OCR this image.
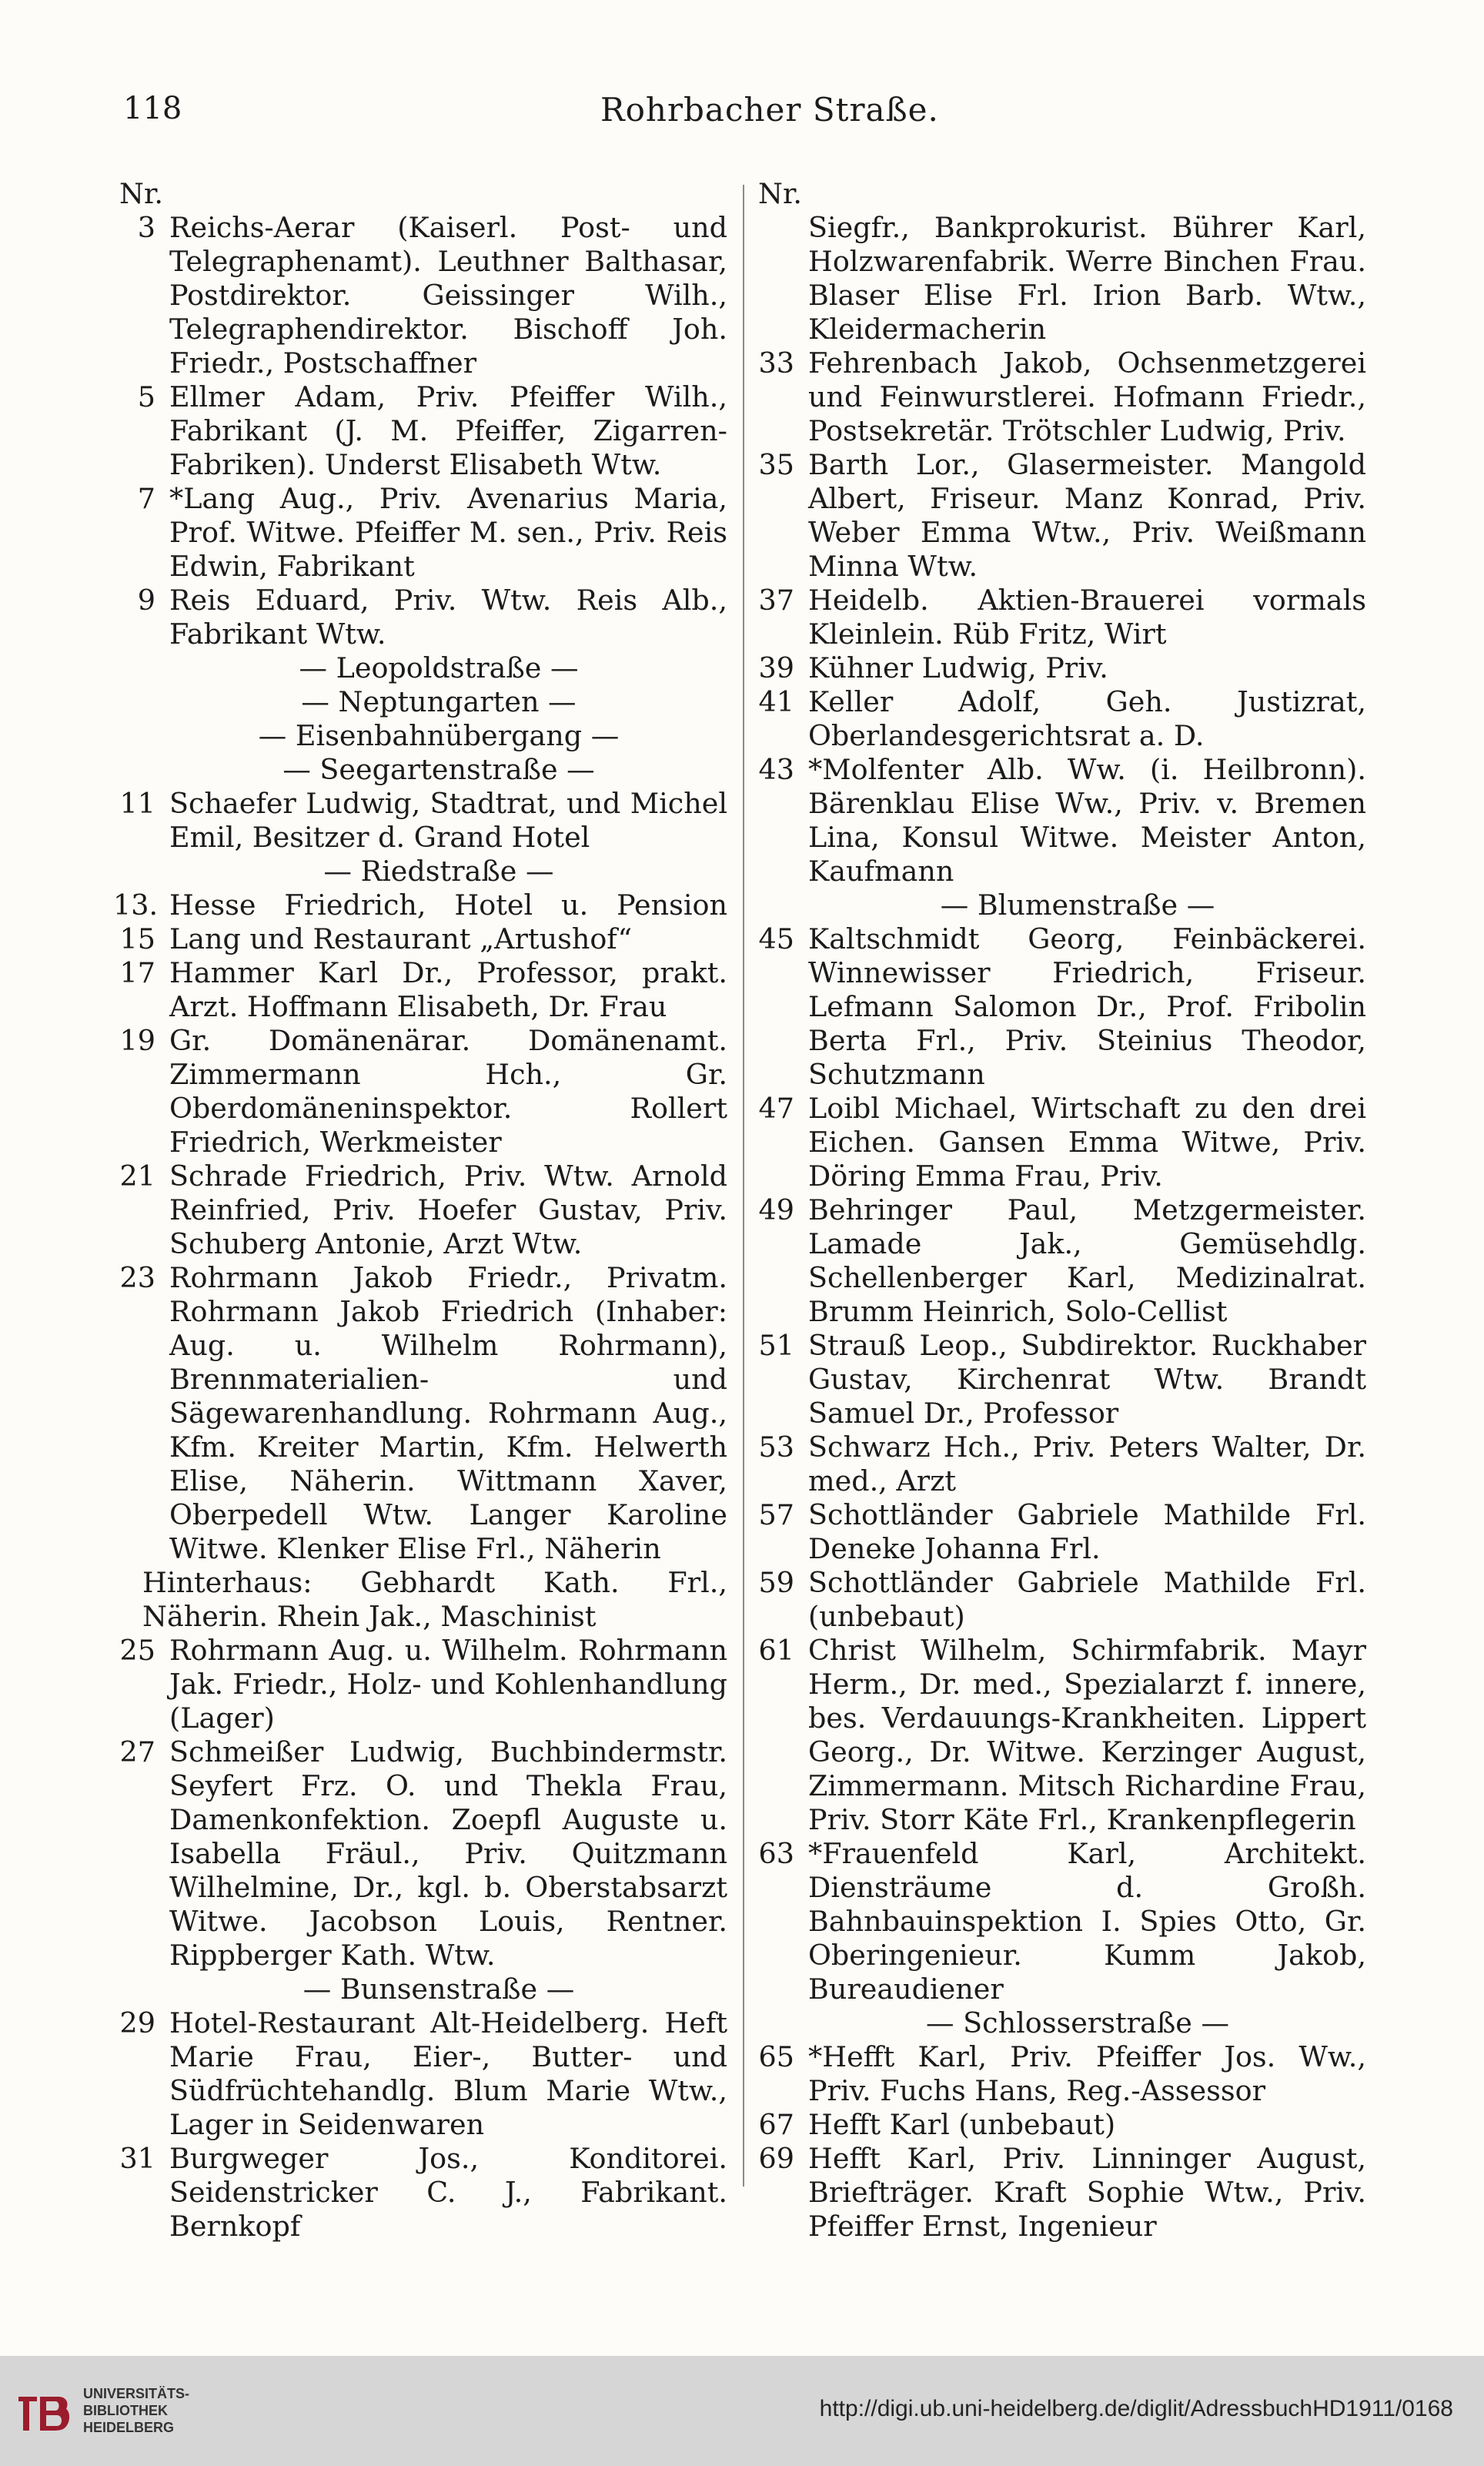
118	Rohrbacher Straße.
Nr.
3 Reichs-Aerar (Kaiserl. Post- und Telegraphenamt). Leuthner Balthasar, Postdirektor. Geissinger Wilh., Telegraphendirektor. Bischoff Joh. Friedr., Postschaffner
5 Ellmer Adam, Priv. Pfeiffer Wilh., Fabrikant (J. M. Pfeiffer, Zigarren-Fabriken). Underst Elisabeth Wtw.
7 *Lang Aug., Priv. Avenarius Maria, Prof. Witwe. Pfeiffer M. sen., Priv. Reis Edwin, Fabrikant
9 Reis Eduard, Priv. Wtw. Reis Alb., Fabrikant Wtw.
— Leopoldstraße —
— Neptungarten —
— Eisenbahnübergang —
— Seegartenstraße —
11 Schaefer Ludwig, Stadtrat, und Michel Emil, Besitzer d. Grand Hotel
— Riedstraße —
13. 15
Hesse Friedrich, Hotel u. Pension Lang und Restaurant „Artushof“
17 Hammer Karl Dr., Professor, prakt. Arzt. Hoffmann Elisabeth, Dr. Frau
19 Gr. Domänenärar. Domänenamt. Zimmermann Hch., Gr. Oberdomäneninspektor. Rollert Friedrich, Werkmeister
21 Schrade Friedrich, Priv. Wtw. Arnold Reinfried, Priv. Hoefer Gustav, Priv. Schuberg Antonie, Arzt Wtw.
23 Rohrmann Jakob Friedr., Privatm. Rohrmann Jakob Friedrich (Inhaber: Aug. u. Wilhelm Rohrmann), Brennmaterialien- und Sägewarenhandlung. Rohrmann Aug., Kfm. Kreiter Martin, Kfm. Helwerth Elise, Näherin. Wittmann Xaver, Oberpedell Wtw. Langer Karoline Witwe. Klenker Elise Frl., Näherin
Hinterhaus: Gebhardt Kath. Frl., Näherin. Rhein Jak., Maschinist
25 Rohrmann Aug. u. Wilhelm. Rohrmann Jak. Friedr., Holz- und Kohlenhandlung (Lager)
27 Schmeißer Ludwig, Buchbindermstr. Seyfert Frz. O. und Thekla Frau, Damenkonfektion. Zoepfl Auguste u. Isabella Fräul., Priv. Quitzmann Wilhelmine, Dr., kgl. b. Oberstabsarzt Witwe. Jacobson Louis, Rentner. Rippberger Kath. Wtw.
— Bunsenstraße —
29 Hotel-Restaurant Alt-Heidelberg. Heft Marie Frau, Eier-, Butter- und Südfrüchtehandlg. Blum Marie Wtw., Lager in Seidenwaren
31 Burgweger Jos., Konditorei. Seidenstricker C. J., Fabrikant. Bernkopf
Nr.
Siegfr., Bankprokurist. Bührer Karl, Holzwarenfabrik. Werre Binchen Frau. Blaser Elise Frl. Irion Barb. Wtw., Kleidermacherin
33 Fehrenbach Jakob, Ochsenmetzgerei und Feinwurstlerei. Hofmann Friedr., Postsekretär. Trötschler Ludwig, Priv.
35 Barth Lor., Glasermeister. Mangold Albert, Friseur. Manz Konrad, Priv. Weber Emma Wtw., Priv. Weißmann Minna Wtw.
37 Heidelb. Aktien-Brauerei vormals Kleinlein. Rüb Fritz, Wirt
39 Kühner Ludwig, Priv.
41 Keller Adolf, Geh. Justizrat, Oberlandesgerichtsrat a. D.
43 *Molfenter Alb. Ww. (i. Heilbronn). Bärenklau Elise Ww., Priv. v. Bremen Lina, Konsul Witwe. Meister Anton, Kaufmann
— Blumenstraße —
45 Kaltschmidt Georg, Feinbäckerei. Winnewisser Friedrich, Friseur. Lefmann Salomon Dr., Prof. Fribolin Berta Frl., Priv. Steinius Theodor, Schutzmann
47 Loibl Michael, Wirtschaft zu den drei Eichen. Gansen Emma Witwe, Priv. Döring Emma Frau, Priv.
49 Behringer Paul, Metzgermeister. Lamade Jak., Gemüsehdlg. Schellenberger Karl, Medizinalrat. Brumm Heinrich, Solo-Cellist
51 Strauß Leop., Subdirektor. Ruckhaber Gustav, Kirchenrat Wtw. Brandt Samuel Dr., Professor
53 Schwarz Hch., Priv. Peters Walter, Dr. med., Arzt
57 Schottländer Gabriele Mathilde Frl. Deneke Johanna Frl.
59 Schottländer Gabriele Mathilde Frl. (unbebaut)
61 Christ Wilhelm, Schirmfabrik. Mayr Herm., Dr. med., Spezialarzt f. innere, bes. Verdauungs-Krankheiten. Lippert Georg., Dr. Witwe. Kerzinger August, Zimmermann. Mitsch Richardine Frau, Priv. Storr Käte Frl., Krankenpflegerin
63 *Frauenfeld Karl, Architekt. Diensträume d. Großh. Bahnbauinspektion I. Spies Otto, Gr. Oberingenieur. Kumm Jakob, Bureaudiener
— Schlosserstraße —
65 *Hefft Karl, Priv. Pfeiffer Jos. Ww., Priv. Fuchs Hans, Reg.-Assessor
67 Hefft Karl (unbebaut)
69 Hefft Karl, Priv. Linninger August, Briefträger. Kraft Sophie Wtw., Priv. Pfeiffer Ernst, Ingenieur
UNIVERSITÄTS-
BIBLIOTHEK
HEIDELBERG
http://digi.ub.uni-heidelberg.de/diglit/AdressbuchHD1911/0168
